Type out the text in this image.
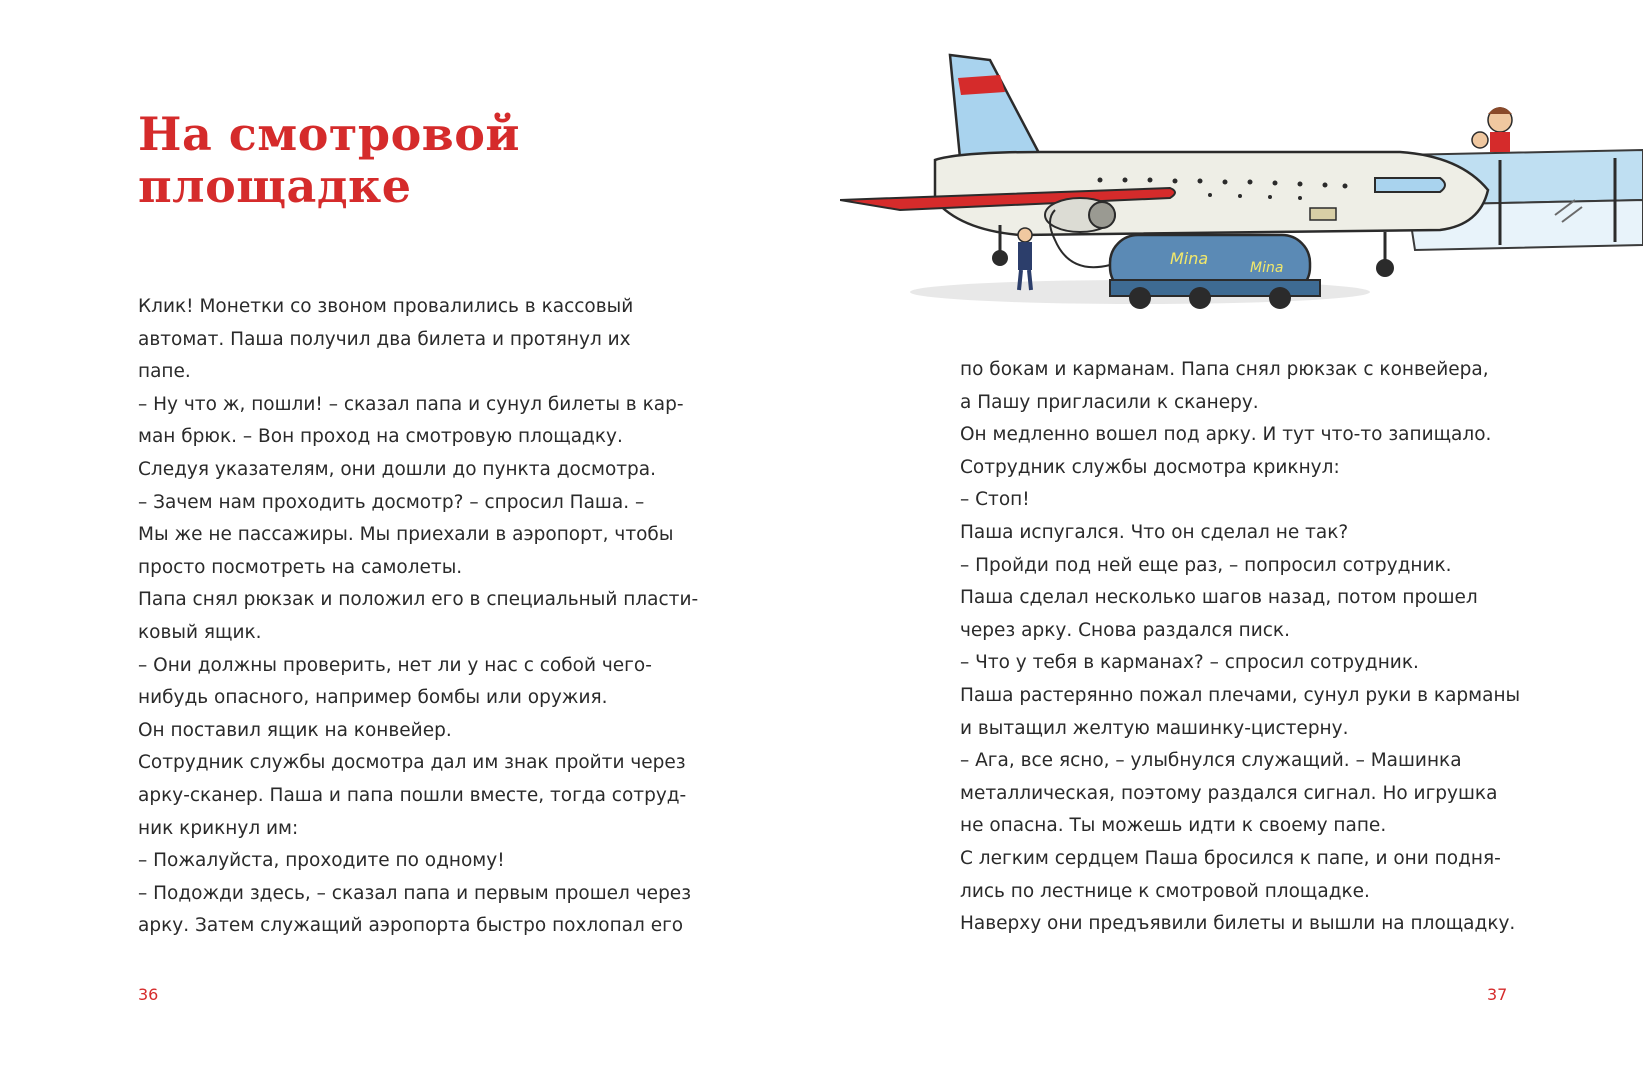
На смотровой
площадке
Клик! Монетки со звоном провалились в кассовый
автомат. Паша получил два билета и протянул их
папе.
– Ну что ж, пошли! – сказал папа и сунул билеты в кар-
ман брюк. – Вон проход на смотровую площадку.
Следуя указателям, они дошли до пункта досмотра.
– Зачем нам проходить досмотр? – спросил Паша. –
Мы же не пассажиры. Мы приехали в аэропорт, чтобы
просто посмотреть на самолеты.
Папа снял рюкзак и положил его в специальный пласти-
ковый ящик.
– Они должны проверить, нет ли у нас с собой чего-
нибудь опасного, например бомбы или оружия.
Он поставил ящик на конвейер.
Сотрудник службы досмотра дал им знак пройти через
арку-сканер. Паша и папа пошли вместе, тогда сотруд-
ник крикнул им:
– Пожалуйста, проходите по одному!
– Подожди здесь, – сказал папа и первым прошел через
арку. Затем служащий аэропорта быстро похлопал его
36
по бокам и карманам. Папа снял рюкзак с конвейера,
а Пашу пригласили к сканеру.
Он медленно вошел под арку. И тут что-то запищало.
Сотрудник службы досмотра крикнул:
– Стоп!
Паша испугался. Что он сделал не так?
– Пройди под ней еще раз, – попросил сотрудник.
Паша сделал несколько шагов назад, потом прошел
через арку. Снова раздался писк.
– Что у тебя в карманах? – спросил сотрудник.
Паша растерянно пожал плечами, сунул руки в карманы
и вытащил желтую машинку-цистерну.
– Ага, все ясно, – улыбнулся служащий. – Машинка
металлическая, поэтому раздался сигнал. Но игрушка
не опасна. Ты можешь идти к своему папе.
С легким сердцем Паша бросился к папе, и они подня-
лись по лестнице к смотровой площадке.
Наверху они предъявили билеты и вышли на площадку.
37
Mina	Mina
